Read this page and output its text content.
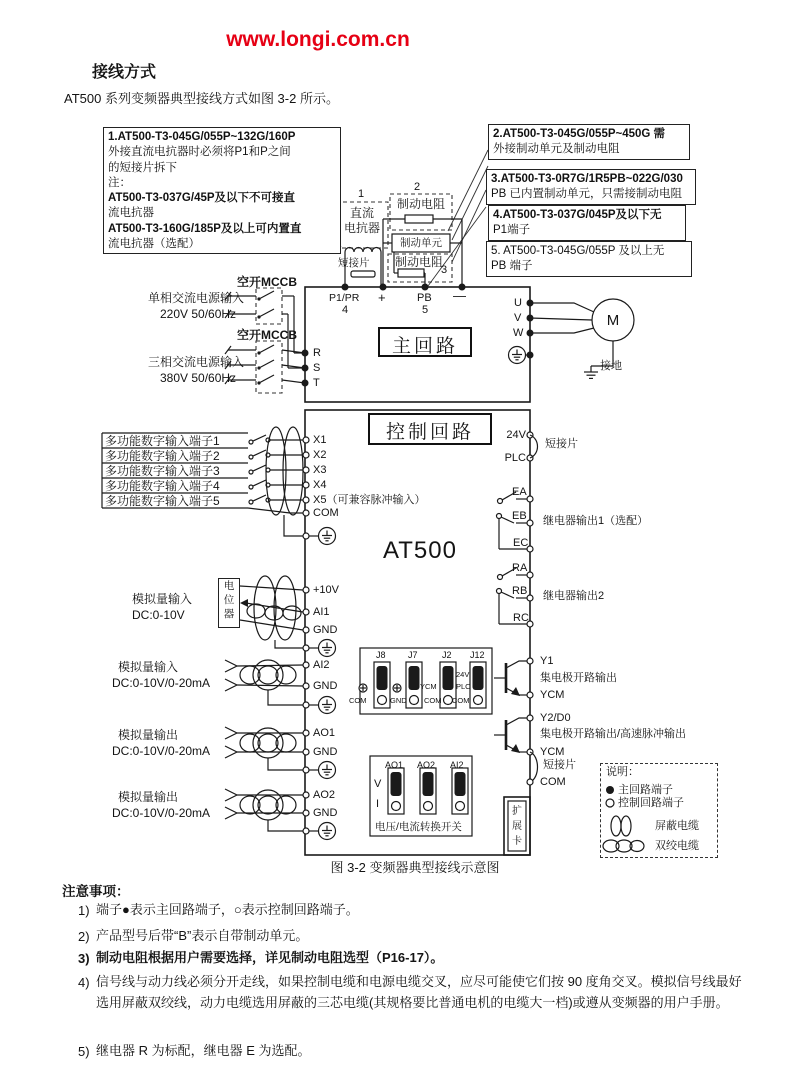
www.longi.com.cn
接线方式
AT500 系列变频器典型接线方式如图 3-2 所示。
1.AT500-T3-045G/055P~132G/160P
外接直流电抗器时必须将P1和P之间
的短接片拆下
注：
AT500-T3-037G/45P及以下不可接直
流电抗器
AT500-T3-160G/185P及以上可内置直
流电抗器（选配）
2.AT500-T3-045G/055P~450G 需
外接制动单元及制动电阻
3.AT500-T3-0R7G/1R5PB~022G/030
PB 已内置制动单元，只需接制动电阻
4.AT500-T3-037G/045P及以下无
P1端子
5. AT500-T3-045G/055P 及以上无
PB 端子
1
直流
电抗器
短接片
2
制动电阻
制动单元
制动电阻
3
P1/PR
4
+	PB
5
—
空开MCCB
单相交流电源输入
220V 50/60Hz
空开MCCB
三相交流电源输入
380V 50/60Hz
R
S
T
U
V
W
M
接地
主回路
控制回路
多功能数字输入端子1
多功能数字输入端子2
多功能数字输入端子3
多功能数字输入端子4
多功能数字输入端子5
X1
X2
X3
X4
X5（可兼容脉冲输入）
COM
AT500
电位器
模拟量输入
DC:0-10V
模拟量输入
DC:0-10V/0-20mA
模拟量输出
DC:0-10V/0-20mA
模拟量输出
DC:0-10V/0-20mA
+10V
AI1
GND
AI2
GND
AO1
GND
AO2
GND
J8 J7	J2 J12
COM	GND
YCM
COM
24V
PLC
COM
AO1 AO2 AI2
V
I
电压/电流转换开关
扩展卡
24V
PLC
短接片
EA
EB
EC
继电器输出1（选配）
RA
RB
RC
继电器输出2
Y1
集电极开路输出
YCM
Y2/D0
集电极开路输出/高速脉冲输出
YCM
短接片
COM
说明：
主回路端子
控制回路端子
屏蔽电缆
双绞电缆
图 3-2 变频器典型接线示意图
注意事项：
1) 端子●表示主回路端子，○表示控制回路端子。
2) 产品型号后带“B”表示自带制动单元。
3) 制动电阻根据用户需要选择，详见制动电阻选型（P16-17）。
4) 信号线与动力线必须分开走线，如果控制电缆和电源电缆交叉，应尽可能使它们按 90 度角交叉。模拟信号线最好选用屏蔽双绞线，动力电缆选用屏蔽的三芯电缆(其规格要比普通电机的电缆大一档)或遵从变频器的用户手册。
5) 继电器 R 为标配，继电器 E 为选配。
